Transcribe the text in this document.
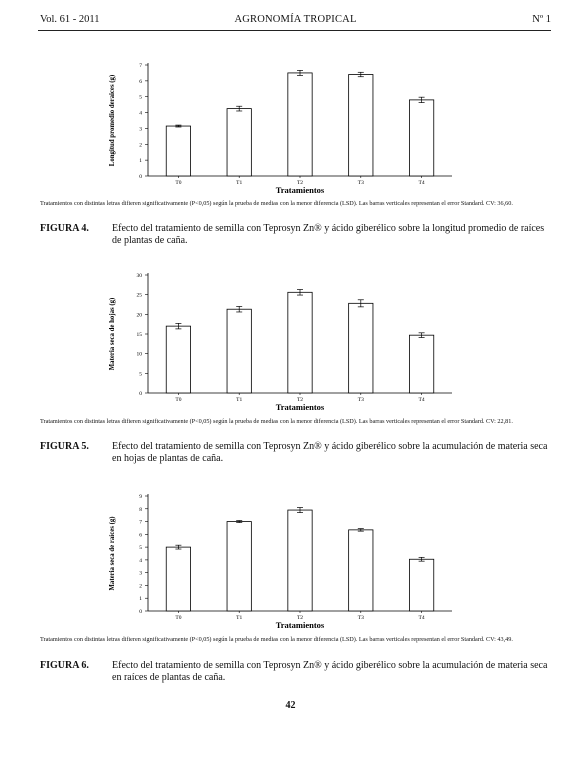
Vol. 61 - 2011	AGRONOMÍA TROPICAL	Nº 1
0
1
2
3
4
5
6
7
Longitud promedio deraices (g)
T0	T1	T2	T3	T4
Tratamientos
Tratamientos con distintas letras difieren significativamente (P<0,05) según la prueba de medias con la menor diferencia (LSD). Las barras verticales representan el error Standard. CV: 36,60.
FIGURA 4. Efecto del tratamiento de semilla con Teprosyn Zn® y ácido giberélico sobre la longitud promedio de raíces de plantas de caña.
0
5
10
15
20
25
30
Materia seca de hojas (g)
T0	T1	T2	T3	T4
Tratamientos
Tratamientos con distintas letras difieren significativamente (P<0,05) según la prueba de medias con la menor diferencia (LSD). Las barras verticales representan el error Standard. CV: 22,81.
FIGURA 5. Efecto del tratamiento de semilla con Teprosyn Zn® y ácido giberélico sobre la acumulación de materia seca en hojas de plantas de caña.
0
1
2
3
4
5
6
7
8
9
Materia seca de raíces (g)
T0	T1	T2	T3	T4
Tratamientos
Tratamientos con distintas letras difieren significativamente (P<0,05) según la prueba de medias con la menor diferencia (LSD). Las barras verticales representan el error Standard. CV: 43,49.
FIGURA 6. Efecto del tratamiento de semilla con Teprosyn Zn® y ácido giberélico sobre la acumulación de materia seca en raíces de plantas de caña.
42
